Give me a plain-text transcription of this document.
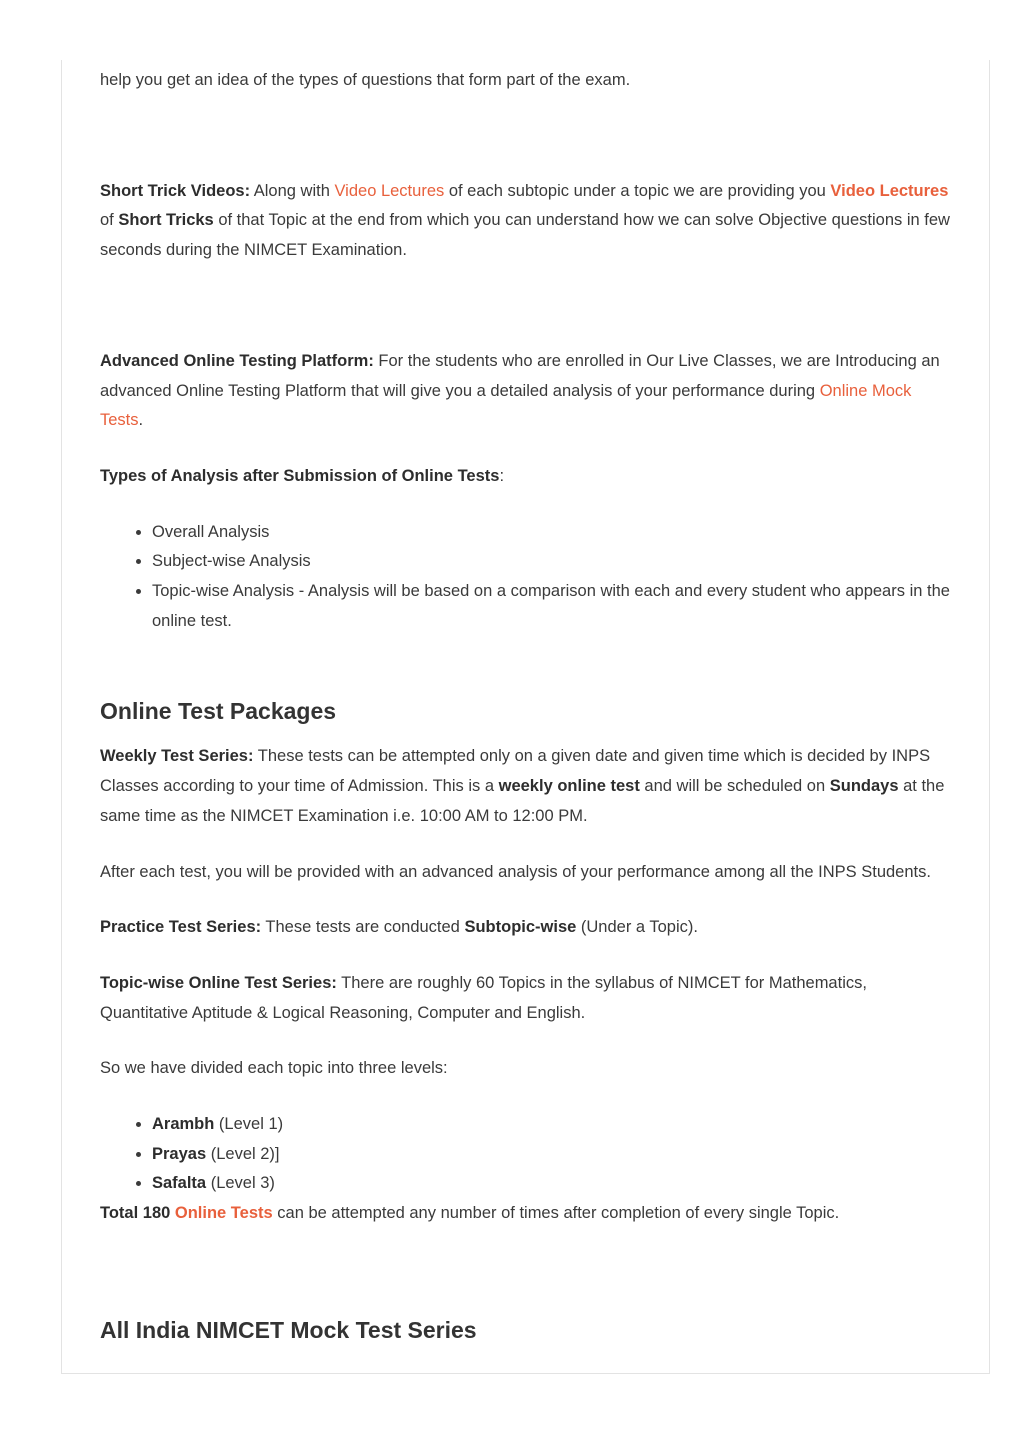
help you get an idea of the types of questions that form part of the exam.

Short Trick Videos: Along with Video Lectures of each subtopic under a topic we are providing you Video Lectures of Short Tricks of that Topic at the end from which you can understand how we can solve Objective questions in few seconds during the NIMCET Examination.

Advanced Online Testing Platform: For the students who are enrolled in Our Live Classes, we are Introducing an advanced Online Testing Platform that will give you a detailed analysis of your performance during Online Mock Tests.

Types of Analysis after Submission of Online Tests:

• Overall Analysis
• Subject-wise Analysis
• Topic-wise Analysis - Analysis will be based on a comparison with each and every student who appears in the online test.
Online Test Packages

Weekly Test Series: These tests can be attempted only on a given date and given time which is decided by INPS Classes according to your time of Admission. This is a weekly online test and will be scheduled on Sundays at the same time as the NIMCET Examination i.e. 10:00 AM to 12:00 PM.

After each test, you will be provided with an advanced analysis of your performance among all the INPS Students.

Practice Test Series: These tests are conducted Subtopic-wise (Under a Topic).

Topic-wise Online Test Series: There are roughly 60 Topics in the syllabus of NIMCET for Mathematics, Quantitative Aptitude & Logical Reasoning, Computer and English.

So we have divided each topic into three levels:

• Arambh (Level 1)
• Prayas (Level 2)]
• Safalta (Level 3)

Total 180 Online Tests can be attempted any number of times after completion of every single Topic.

All India NIMCET Mock Test Series
